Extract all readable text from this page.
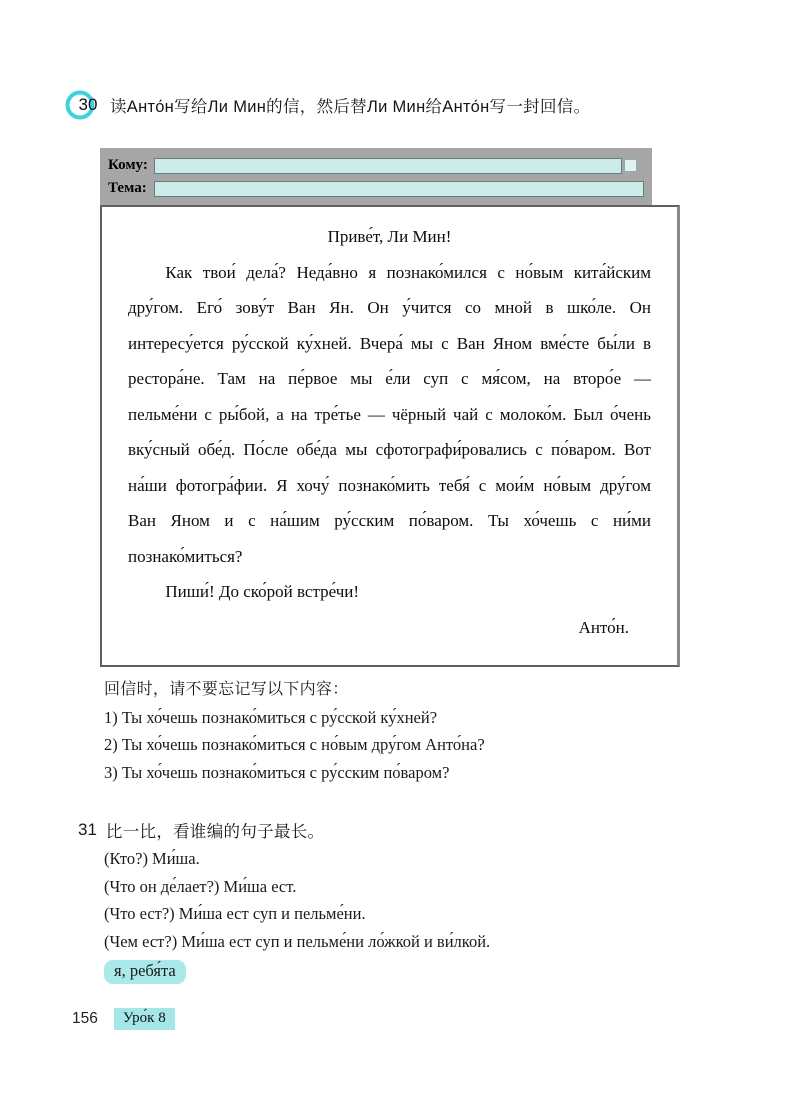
30 读Анто́н写给Ли Мин的信，然后替Ли Мин给Анто́н写一封回信。
Кому:
Тема:

Приве́т, Ли Мин!

Как твои́ дела́? Неда́вно я познако́мился с но́вым кита́йским дру́гом. Его́ зову́т Ван Ян. Он у́чится со мной в шко́ле. Он интересу́ется ру́сской ку́хней. Вчера́ мы с Ван Яном вме́сте бы́ли в рестора́не. Там на пе́рвое мы е́ли суп с мя́сом, на второ́е — пельме́ни с ры́бой, а на тре́тье — чёрный чай с молоко́м. Был о́чень вку́сный обе́д. По́сле обе́да мы сфотографи́ровались с по́варом. Вот на́ши фотогра́фии. Я хочу́ познако́мить тебя́ с мои́м но́вым дру́гом Ван Яном и с на́шим ру́сским по́варом. Ты хо́чешь с ни́ми познако́миться?

Пиши́! До ско́рой встре́чи!

Анто́н.

回信时，请不要忘记写以下内容：
1) Ты хо́чешь познако́миться с ру́сской ку́хней?
2) Ты хо́чешь познако́миться с но́вым дру́гом Анто́на?
3) Ты хо́чешь познако́миться с ру́сским по́варом?
31 比一比，看谁编的句子最长。
(Кто?) Ми́ша.
(Что он де́лает?) Ми́ша ест.
(Что ест?) Ми́ша ест суп и пельме́ни.
(Чем ест?) Ми́ша ест суп и пельме́ни ло́жкой и ви́лкой.
я, ребя́та
156	Уро́к 8
